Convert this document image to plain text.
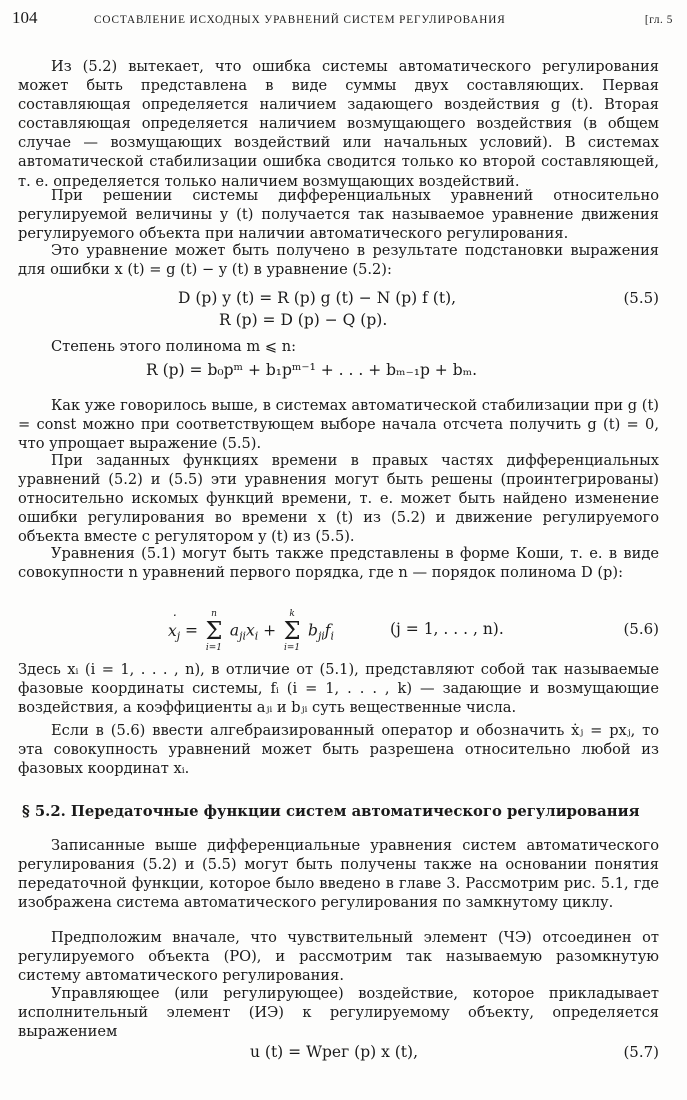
104	СОСТАВЛЕНИЕ ИСХОДНЫХ УРАВНЕНИЙ СИСТЕМ РЕГУЛИРОВАНИЯ	[гл. 5

Из (5.2) вытекает, что ошибка системы автоматического регулирования может быть представлена в виде суммы двух составляющих. Первая составляющая определяется наличием задающего воздействия g (t). Вторая составляющая определяется наличием возмущающего воздействия (в общем случае — возмущающих воздействий или начальных условий). В системах автоматической стабилизации ошибка сводится только ко второй составляющей, т. е. определяется только наличием возмущающих воздействий.

При решении системы дифференциальных уравнений относительно регулируемой величины y (t) получается так называемое уравнение движения регулируемого объекта при наличии автоматического регулирования.

Это уравнение может быть получено в результате подстановки выражения для ошибки x (t) = g (t) − y (t) в уравнение (5.2):

D (p) y (t) = R (p) g (t) − N (p) f (t),	(5.5)
R (p) = D (p) − Q (p).

Степень этого полинома m ⩽ n:

R (p) = b₀pᵐ + b₁pᵐ⁻¹ + . . . + bₘ₋₁p + bₘ.

Как уже говорилось выше, в системах автоматической стабилизации при g (t) = const можно при соответствующем выборе начала отсчета получить g (t) = 0, что упрощает выражение (5.5).

При заданных функциях времени в правых частях дифференциальных уравнений (5.2) и (5.5) эти уравнения могут быть решены (проинтегрированы) относительно искомых функций времени, т. е. может быть найдено изменение ошибки регулирования во времени x (t) из (5.2) и движение регулируемого объекта вместе с регулятором y (t) из (5.5).

Уравнения (5.1) могут быть также представлены в форме Коши, т. е. в виде совокупности n уравнений первого порядка, где n — порядок полинома D (p):

˙ $x_j$ =
n
Σ
i=1
$a_{ji}x_i$ +
k
Σ
i=1
$b_{ji}f_i$	(j = 1, . . . , n).	(5.6)

Здесь xᵢ (i = 1, . . . , n), в отличие от (5.1), представляют собой так называемые фазовые координаты системы, fᵢ (i = 1, . . . , k) — задающие и возмущающие воздействия, а коэффициенты aⱼᵢ и bⱼᵢ суть вещественные числа.

Если в (5.6) ввести алгебраизированный оператор и обозначить ẋⱼ = pxⱼ, то эта совокупность уравнений может быть разрешена относительно любой из фазовых координат xᵢ.

§ 5.2. Передаточные функции систем автоматического регулирования

Записанные выше дифференциальные уравнения систем автоматического регулирования (5.2) и (5.5) могут быть получены также на основании понятия передаточной функции, которое было введено в главе 3. Рассмотрим рис. 5.1, где изображена система автоматического регулирования по замкнутому циклу.

Предположим вначале, что чувствительный элемент (ЧЭ) отсоединен от регулируемого объекта (РО), и рассмотрим так называемую разомкнутую систему автоматического регулирования.

Управляющее (или регулирующее) воздействие, которое прикладывает исполнительный элемент (ИЭ) к регулируемому объекту, определяется выражением

u (t) = Wрег (p) x (t),	(5.7)
